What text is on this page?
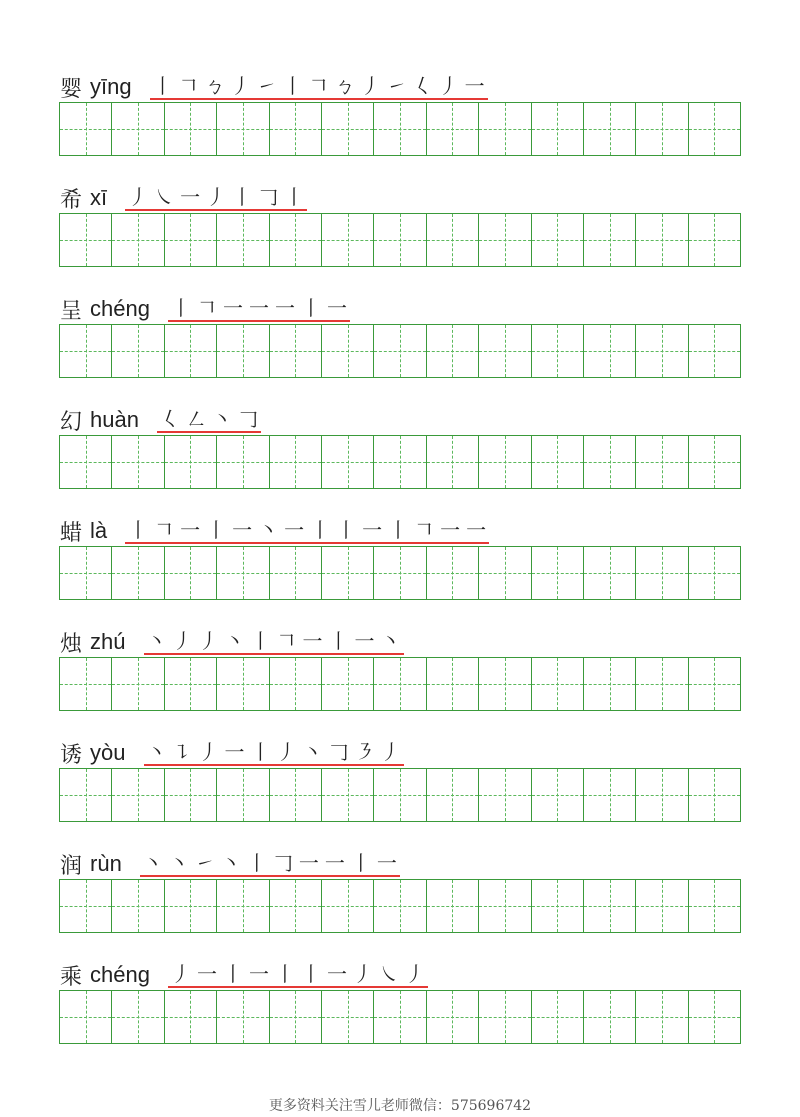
婴 yīng 丨 𠃍 ㄅ 丿 ㇀ 丨 𠃍 ㄅ 丿 ㇀ 𡿨 丿 一
希 xī 丿 ㇏ 一 丿 丨 𠃌 丨
呈 chéng 丨 𠃍 一 一 一 丨 一
幻 huàn 𡿨 ㇜ 丶 𠃌
蜡 là 丨 𠃍 一 丨 一 丶 一 丨 丨 一 丨 𠃍 一 一
烛 zhú 丶 丿 丿 丶 丨 𠃍 一 丨 一 丶
诱 yòu 丶 ㇊ 丿 一 丨 丿 丶 𠃌 ㇋ 丿
润 rùn 丶 丶 ㇀ 丶 丨 𠃌 一 一 丨 一
乘 chéng 丿 一 丨 一 丨 丨 一 丿 ㇏ 丿
更多资料关注雪儿老师微信：575696742
